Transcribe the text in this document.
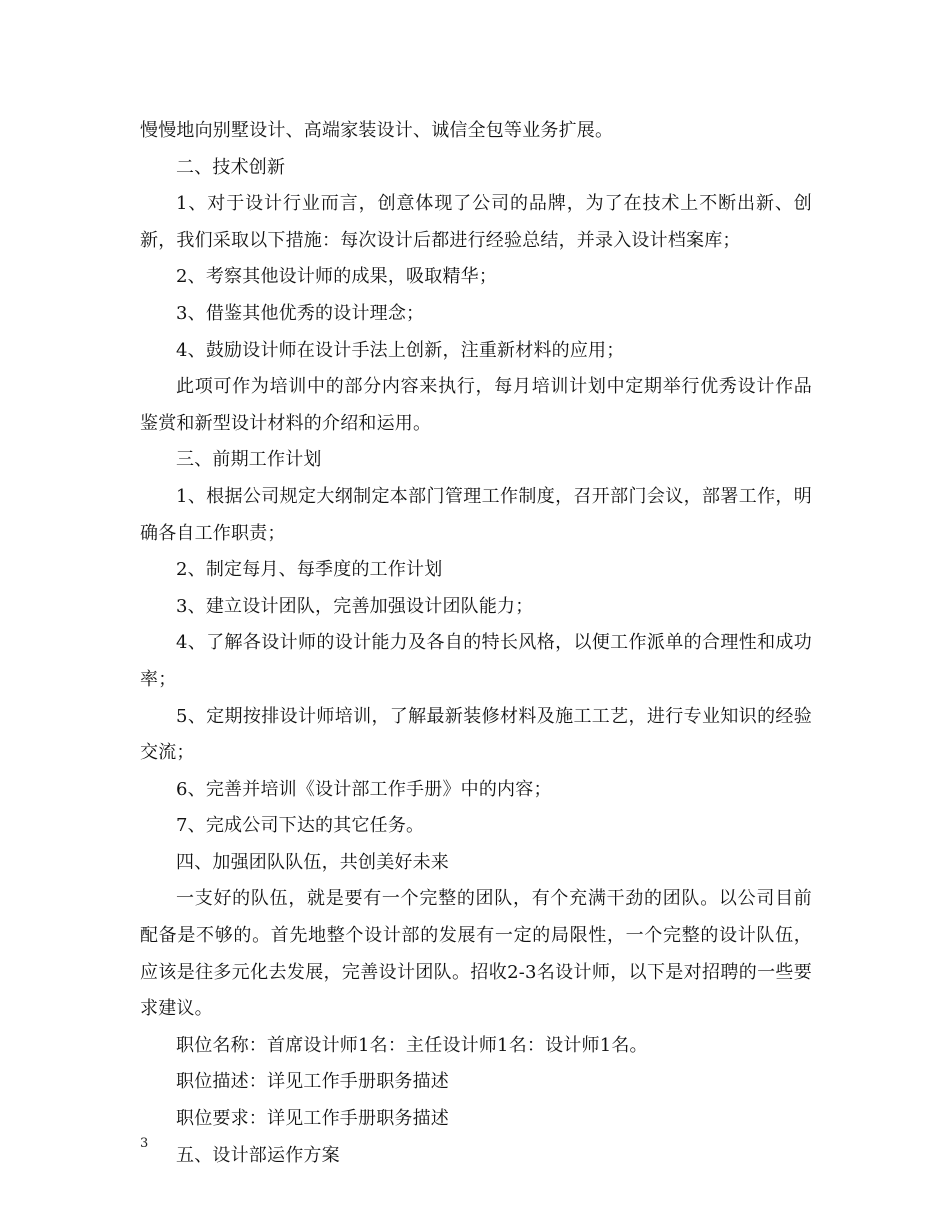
慢慢地向别墅设计、高端家装设计、诚信全包等业务扩展。

二、技术创新

1、对于设计行业而言，创意体现了公司的品牌，为了在技术上不断出新、创新，我们采取以下措施：每次设计后都进行经验总结，并录入设计档案库；

2、考察其他设计师的成果，吸取精华；

3、借鉴其他优秀的设计理念；

4、鼓励设计师在设计手法上创新，注重新材料的应用；

此项可作为培训中的部分内容来执行，每月培训计划中定期举行优秀设计作品鉴赏和新型设计材料的介绍和运用。

三、前期工作计划

1、根据公司规定大纲制定本部门管理工作制度，召开部门会议，部署工作，明确各自工作职责；

2、制定每月、每季度的工作计划

3、建立设计团队，完善加强设计团队能力；

4、了解各设计师的设计能力及各自的特长风格，以便工作派单的合理性和成功率；

5、定期按排设计师培训，了解最新装修材料及施工工艺，进行专业知识的经验交流；

6、完善并培训《设计部工作手册》中的内容；

7、完成公司下达的其它任务。

四、加强团队队伍，共创美好未来

一支好的队伍，就是要有一个完整的团队，有个充满干劲的团队。以公司目前配备是不够的。首先地整个设计部的发展有一定的局限性，一个完整的设计队伍，应该是往多元化去发展，完善设计团队。招收2-3名设计师，以下是对招聘的一些要求建议。

职位名称：首席设计师1名：主任设计师1名：设计师1名。

职位描述：详见工作手册职务描述

职位要求：详见工作手册职务描述

五、设计部运作方案

3
